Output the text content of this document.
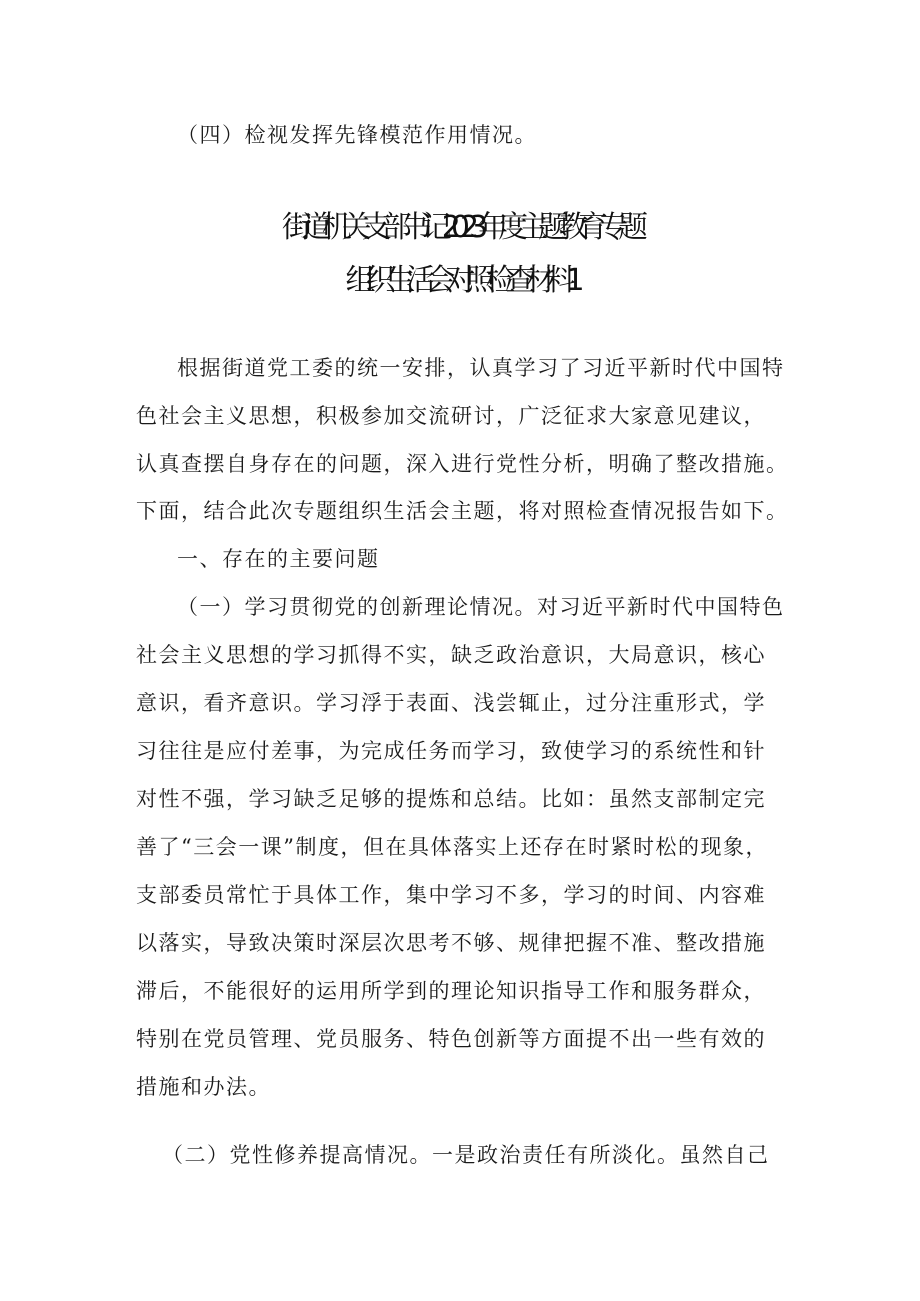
（四）检视发挥先锋模范作用情况。
街道机关支部书记2023年度主题教育专题
组织生活会对照检查材料1
根据街道党工委的统一安排，认真学习了习近平新时代中国特
色社会主义思想，积极参加交流研讨，广泛征求大家意见建议，
认真查摆自身存在的问题，深入进行党性分析，明确了整改措施。
下面，结合此次专题组织生活会主题，将对照检查情况报告如下。
一、存在的主要问题
（一）学习贯彻党的创新理论情况。对习近平新时代中国特色
社会主义思想的学习抓得不实，缺乏政治意识，大局意识，核心
意识，看齐意识。学习浮于表面、浅尝辄止，过分注重形式，学
习往往是应付差事，为完成任务而学习，致使学习的系统性和针
对性不强，学习缺乏足够的提炼和总结。比如：虽然支部制定完
善了“三会一课”制度，但在具体落实上还存在时紧时松的现象，
支部委员常忙于具体工作，集中学习不多，学习的时间、内容难
以落实，导致决策时深层次思考不够、规律把握不准、整改措施
滞后，不能很好的运用所学到的理论知识指导工作和服务群众，
特别在党员管理、党员服务、特色创新等方面提不出一些有效的
措施和办法。
（二）党性修养提高情况。一是政治责任有所淡化。虽然自己
